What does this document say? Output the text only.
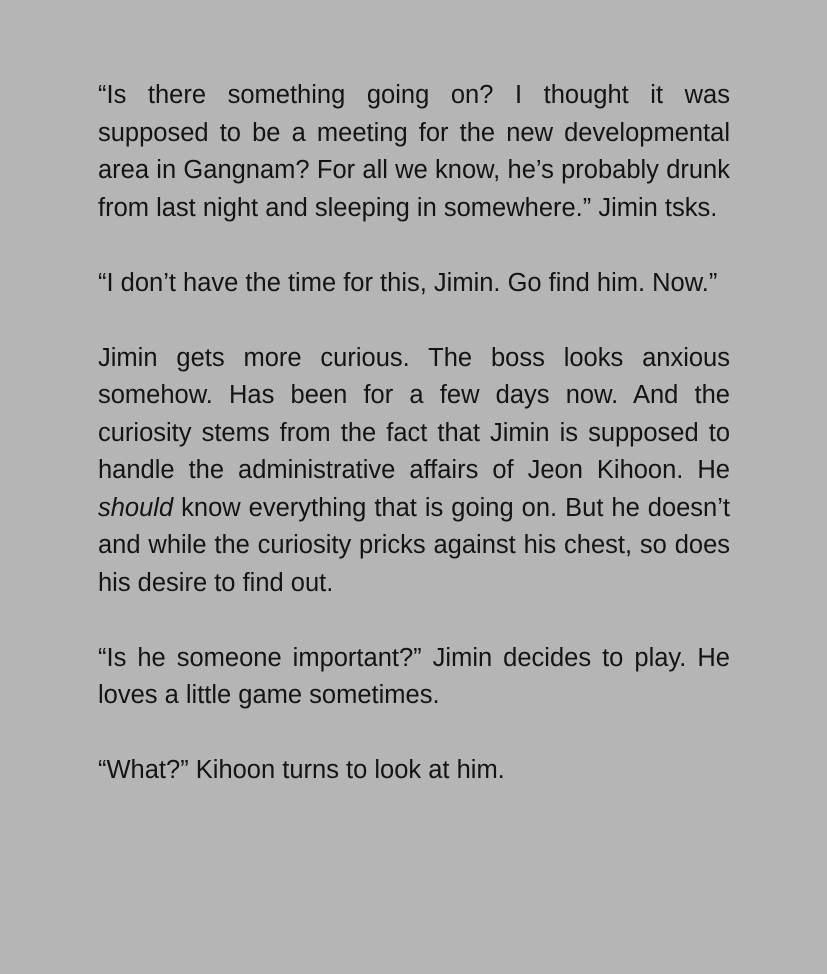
“Is there something going on? I thought it was supposed to be a meeting for the new developmental area in Gangnam? For all we know, he’s probably drunk from last night and sleeping in somewhere.” Jimin tsks.

“I don’t have the time for this, Jimin. Go find him. Now.”

Jimin gets more curious. The boss looks anxious somehow. Has been for a few days now. And the curiosity stems from the fact that Jimin is supposed to handle the administrative affairs of Jeon Kihoon. He should know everything that is going on. But he doesn’t and while the curiosity pricks against his chest, so does his desire to find out.

“Is he someone important?” Jimin decides to play. He loves a little game sometimes.

“What?” Kihoon turns to look at him.
